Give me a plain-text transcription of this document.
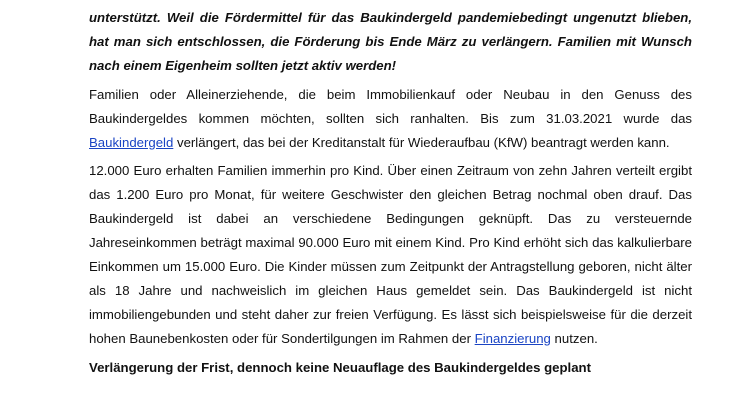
unterstützt. Weil die Fördermittel für das Baukindergeld pandemiebedingt ungenutzt blieben, hat man sich entschlossen, die Förderung bis Ende März zu verlängern. Familien mit Wunsch nach einem Eigenheim sollten jetzt aktiv werden!

Familien oder Alleinerziehende, die beim Immobilienkauf oder Neubau in den Genuss des Baukindergeldes kommen möchten, sollten sich ranhalten. Bis zum 31.03.2021 wurde das Baukindergeld verlängert, das bei der Kreditanstalt für Wiederaufbau (KfW) beantragt werden kann.

12.000 Euro erhalten Familien immerhin pro Kind. Über einen Zeitraum von zehn Jahren verteilt ergibt das 1.200 Euro pro Monat, für weitere Geschwister den gleichen Betrag nochmal oben drauf. Das Baukindergeld ist dabei an verschiedene Bedingungen geknüpft. Das zu versteuernde Jahreseinkommen beträgt maximal 90.000 Euro mit einem Kind. Pro Kind erhöht sich das kalkulierbare Einkommen um 15.000 Euro. Die Kinder müssen zum Zeitpunkt der Antragstellung geboren, nicht älter als 18 Jahre und nachweislich im gleichen Haus gemeldet sein. Das Baukindergeld ist nicht immobiliengebunden und steht daher zur freien Verfügung. Es lässt sich beispielsweise für die derzeit hohen Baunebenkosten oder für Sondertilgungen im Rahmen der Finanzierung nutzen.

Verlängerung der Frist, dennoch keine Neuauflage des Baukindergeldes geplant
